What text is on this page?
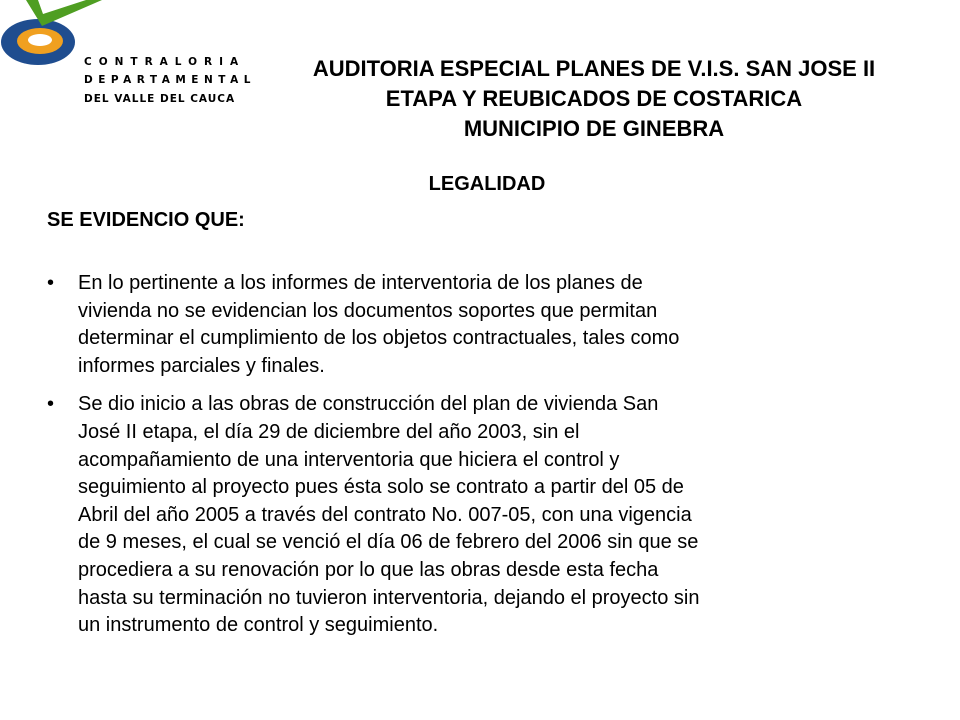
CONTRALORIA
DEPARTAMENTAL
DEL VALLE DEL CAUCA
AUDITORIA ESPECIAL PLANES DE V.I.S. SAN JOSE II
ETAPA Y REUBICADOS DE COSTARICA
MUNICIPIO DE GINEBRA
LEGALIDAD
SE EVIDENCIO QUE:
• En lo pertinente a los informes de interventoria de los planes de
vivienda no se evidencian los documentos soportes que permitan
determinar el cumplimiento de los objetos contractuales, tales como
informes parciales y finales.
• Se dio inicio a las obras de construcción del plan de vivienda San
José II etapa, el día 29 de diciembre del año 2003, sin el
acompañamiento de una interventoria que hiciera el control y
seguimiento al proyecto pues ésta solo se contrato a partir del 05 de
Abril del año 2005 a través del contrato No. 007-05, con una vigencia
de 9 meses, el cual se venció el día 06 de febrero del 2006 sin que se
procediera a su renovación por lo que las obras desde esta fecha
hasta su terminación no tuvieron interventoria, dejando el proyecto sin
un instrumento de control y seguimiento.
